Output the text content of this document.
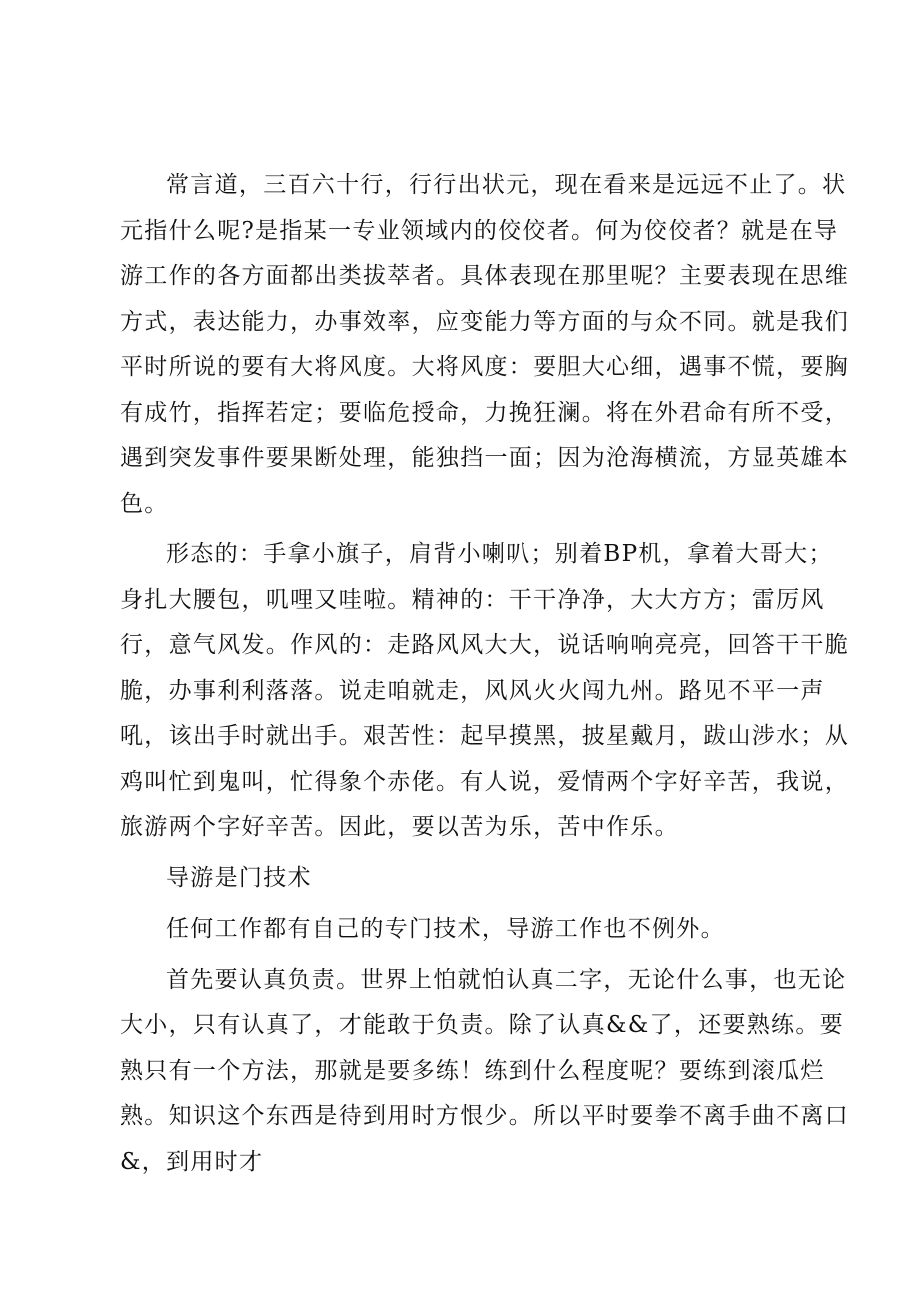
常言道，三百六十行，行行出状元，现在看来是远远不止了。状元指什么呢?是指某一专业领域内的佼佼者。何为佼佼者？就是在导游工作的各方面都出类拔萃者。具体表现在那里呢？主要表现在思维方式，表达能力，办事效率，应变能力等方面的与众不同。就是我们平时所说的要有大将风度。大将风度：要胆大心细，遇事不慌，要胸有成竹，指挥若定；要临危授命，力挽狂澜。将在外君命有所不受，遇到突发事件要果断处理，能独挡一面；因为沧海横流，方显英雄本色。

形态的：手拿小旗子，肩背小喇叭；别着BP机，拿着大哥大；身扎大腰包，叽哩又哇啦。精神的：干干净净，大大方方；雷厉风行，意气风发。作风的：走路风风大大，说话响响亮亮，回答干干脆脆，办事利利落落。说走咱就走，风风火火闯九州。路见不平一声吼，该出手时就出手。艰苦性：起早摸黑，披星戴月，跋山涉水；从鸡叫忙到鬼叫，忙得象个赤佬。有人说，爱情两个字好辛苦，我说，旅游两个字好辛苦。因此，要以苦为乐，苦中作乐。

导游是门技术

任何工作都有自己的专门技术，导游工作也不例外。

首先要认真负责。世界上怕就怕认真二字，无论什么事，也无论大小，只有认真了，才能敢于负责。除了认真&&了，还要熟练。要熟只有一个方法，那就是要多练！练到什么程度呢？要练到滚瓜烂熟。知识这个东西是待到用时方恨少。所以平时要拳不离手曲不离口&，到用时才
